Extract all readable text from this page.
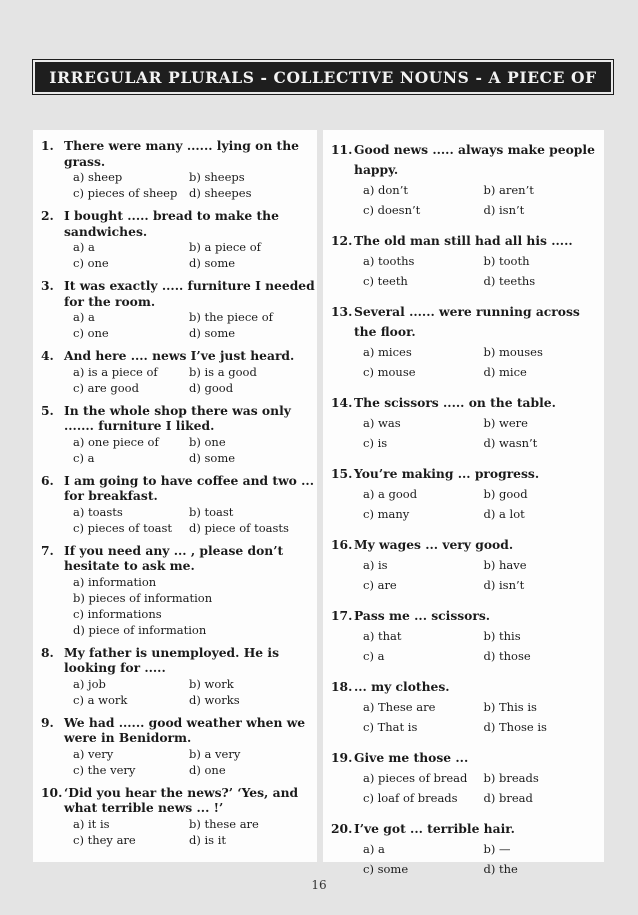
IRREGULAR PLURALS - COLLECTIVE NOUNS - A PIECE OF
1. There were many ...... lying on the grass.
a) sheep	b) sheeps
c) pieces of sheep	d) sheepes
2. I bought ..... bread to make the sandwiches.
a) a	b) a piece of
c) one	d) some
3. It was exactly ..... furniture I needed for the room.
a) a	b) the piece of
c) one	d) some
4. And here .... news I’ve just heard.
a) is a piece of	b) is a good
c) are good	d) good
5. In the whole shop there was only ....... furniture I liked.
a) one piece of	b) one
c) a	d) some
6. I am going to have coffee and two ... for breakfast.
a) toasts	b) toast
c) pieces of toast	d) piece of toasts
7. If you need any ... , please don’t hesitate to ask me.
a) information
b) pieces of information
c) informations
d) piece of information
8. My father is unemployed. He is looking for .....
a) job	b) work
c) a work	d) works
9. We had ...... good weather when we were in Benidorm.
a) very	b) a very
c) the very	d) one
10. ‘Did you hear the news?’ ‘Yes, and what terrible news ... !’
a) it is	b) these are
c) they are	d) is it
11. Good news ..... always make people happy.
a) don’t	b) aren’t
c) doesn’t	d) isn’t
12. The old man still had all his .....
a) tooths	b) tooth
c) teeth	d) teeths
13. Several ...... were running across the floor.
a) mices	b) mouses
c) mouse	d) mice
14. The scissors ..... on the table.
a) was	b) were
c) is	d) wasn’t
15. You’re making ... progress.
a) a good	b) good
c) many	d) a lot
16. My wages ... very good.
a) is	b) have
c) are	d) isn’t
17. Pass me ... scissors.
a) that	b) this
c) a	d) those
18. ... my clothes.
a) These are	b) This is
c) That is	d) Those is
19. Give me those ...
a) pieces of bread	b) breads
c) loaf of breads	d) bread
20. I’ve got ... terrible hair.
a) a	b) —
c) some	d) the
16
